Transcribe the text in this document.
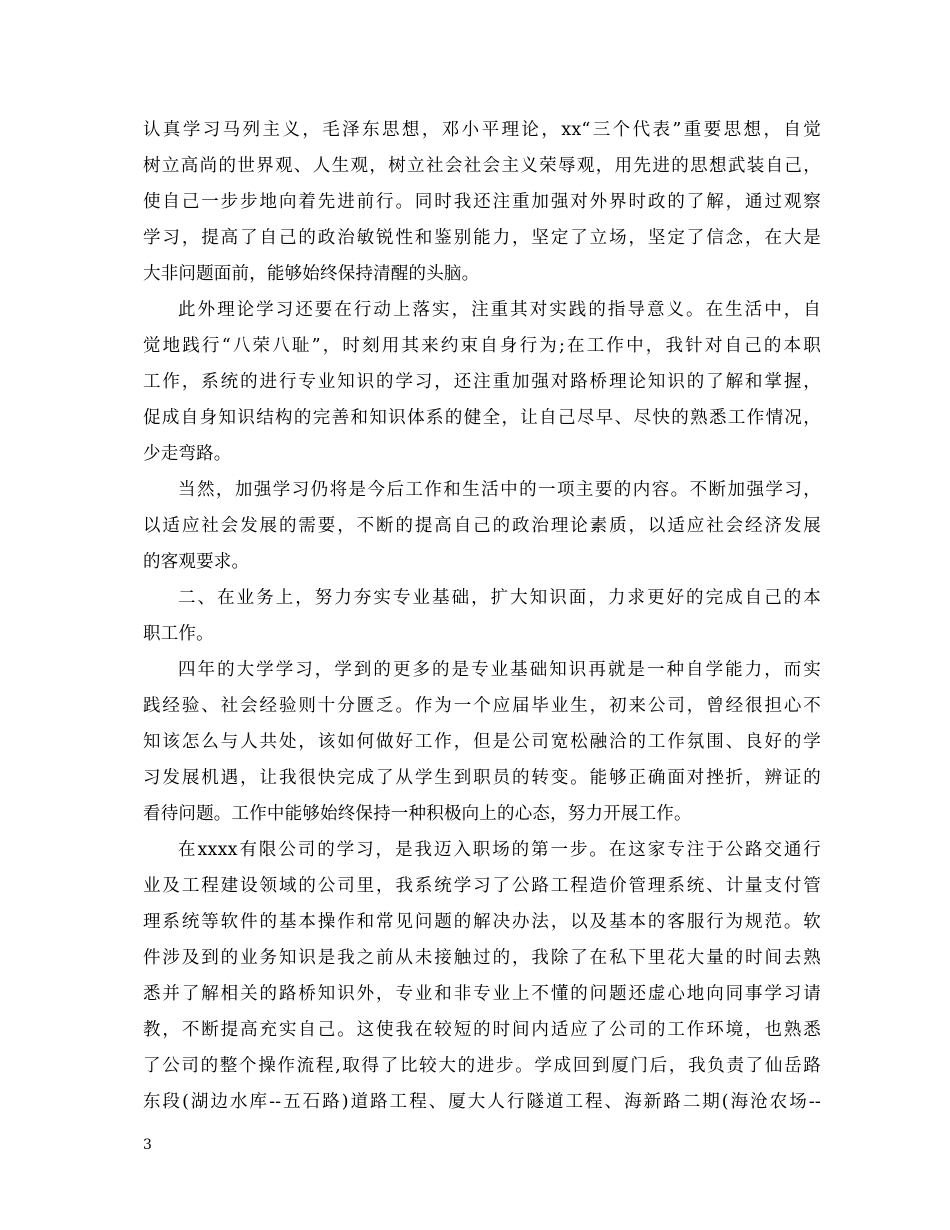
认真学习马列主义，毛泽东思想，邓小平理论，xx“三个代表”重要思想，自觉
树立高尚的世界观、人生观，树立社会社会主义荣辱观，用先进的思想武装自己，
使自己一步步地向着先进前行。同时我还注重加强对外界时政的了解，通过观察
学习，提高了自己的政治敏锐性和鉴别能力，坚定了立场，坚定了信念，在大是
大非问题面前，能够始终保持清醒的头脑。
此外理论学习还要在行动上落实，注重其对实践的指导意义。在生活中，自
觉地践行“八荣八耻”，时刻用其来约束自身行为;在工作中，我针对自己的本职
工作，系统的进行专业知识的学习，还注重加强对路桥理论知识的了解和掌握，
促成自身知识结构的完善和知识体系的健全，让自己尽早、尽快的熟悉工作情况，
少走弯路。
当然，加强学习仍将是今后工作和生活中的一项主要的内容。不断加强学习，
以适应社会发展的需要，不断的提高自己的政治理论素质，以适应社会经济发展
的客观要求。
二、在业务上，努力夯实专业基础，扩大知识面，力求更好的完成自己的本
职工作。
四年的大学学习，学到的更多的是专业基础知识再就是一种自学能力，而实
践经验、社会经验则十分匮乏。作为一个应届毕业生，初来公司，曾经很担心不
知该怎么与人共处，该如何做好工作，但是公司宽松融洽的工作氛围、良好的学
习发展机遇，让我很快完成了从学生到职员的转变。能够正确面对挫折，辨证的
看待问题。工作中能够始终保持一种积极向上的心态，努力开展工作。
在xxxx有限公司的学习，是我迈入职场的第一步。在这家专注于公路交通行
业及工程建设领域的公司里，我系统学习了公路工程造价管理系统、计量支付管
理系统等软件的基本操作和常见问题的解决办法，以及基本的客服行为规范。软
件涉及到的业务知识是我之前从未接触过的，我除了在私下里花大量的时间去熟
悉并了解相关的路桥知识外，专业和非专业上不懂的问题还虚心地向同事学习请
教，不断提高充实自己。这使我在较短的时间内适应了公司的工作环境，也熟悉
了公司的整个操作流程,取得了比较大的进步。学成回到厦门后，我负责了仙岳路
东段(湖边水库--五石路)道路工程、厦大人行隧道工程、海新路二期(海沧农场--
3
